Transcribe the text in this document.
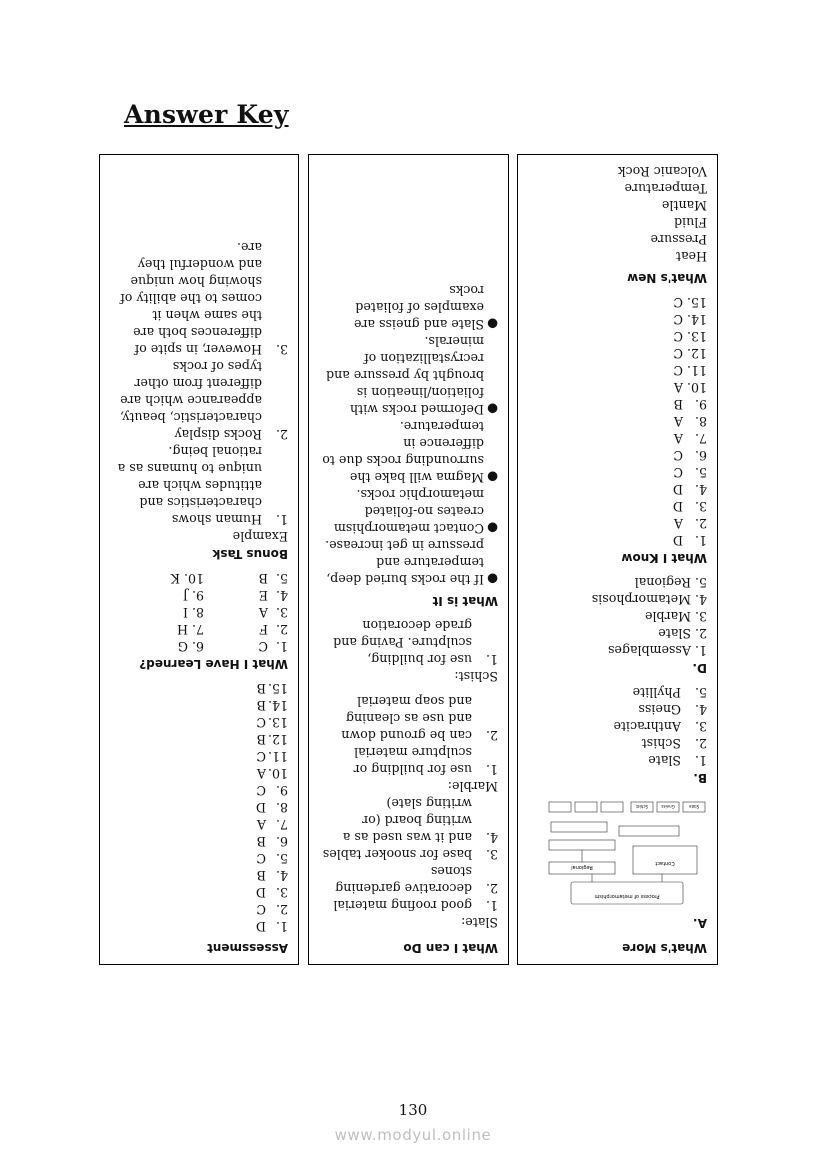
Answer Key
Assessment
1.
D
2.
C
3.
D
4.
B
5.
C
6.
B
7.
A
8.
D
9.
C
10.
A
11.
C
12.
B
13.
C
14.
B
15.
B
What I Have Learned?
1.  C
6. G
2.  F
7. H
3.  A
8. I
4.  E
9. J
5.  B
10. K
Bonus Task
Example
1.
Human shows characteristics and attitudes which are unique to humans as a rational being.
2.
Rocks display characteristic, beauty, appearance which are different from other types of rocks
3.
However, in spite of differences both are the same when it comes to the ability of showing how unique and wonderful they are.
What I can Do
Slate:
1.
good roofing material
2.
decorative gardening stones
3.
base for snooker tables
4.
and it was used as a writing board (or writing slate)
Marble:
1.
use for building or sculpture material
2.
can be ground down and use as cleaning and soap material
Schist:
1.
use for building, sculpture. Paving and grade decoration
What is It
●
If the rocks buried deep, temperature and pressure in get increase.
●
Contact metamorphism creates no-foliated metamorphic rocks.
●
Magma will bake the surrounding rocks due to difference in temperature.
●
Deformed rocks with foliation/lineation is brought by pressure and recrystallization of minerals.
●
Slate and gneiss are examples of foliated rocks
What's More
A.
Process of metamorphism
Contact
Regional
Slate
Gneiss
Schist
B.
1.
Slate
2.
Schist
3.
Anthracite
4.
Gneiss
5.
Phyllite
D.
1. Assemblages
2. Slate
3. Marble
4. Metamorphosis
5. Regional
What I Know
1.
D
2.
A
3.
D
4.
D
5.
C
6.
C
7.
A
8.
A
9.
B
10.
A
11.
C
12.
C
13.
C
14.
C
15.
C
What's New
Heat
Pressure
Fluid
Mantle
Temperature
Volcanic Rock
130
www.modyul.online
